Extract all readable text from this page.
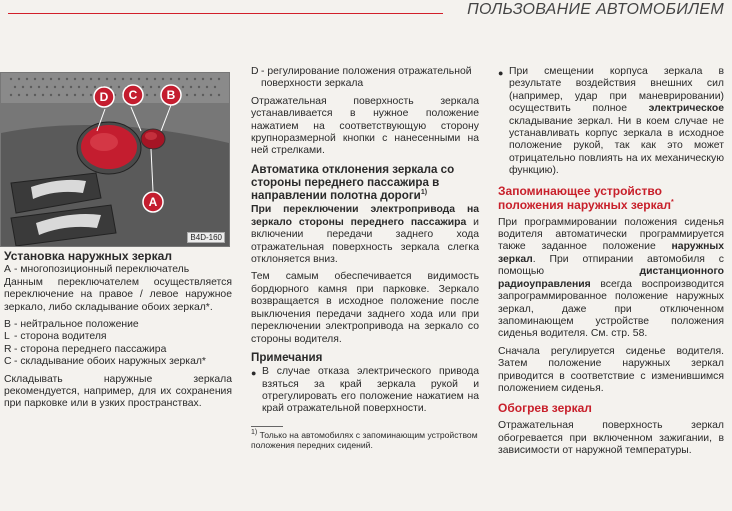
ПОЛЬЗОВАНИЕ АВТОМОБИЛЕМ
D C B
A
B4D-160
Установка наружных зеркал
A - многопозиционный переключатель

Данным переключателем осуществляется переключение на правое / левое наружное зеркало, либо складывание обоих зеркал*.

B - нейтральное положение
L - сторона водителя
R - сторона переднего пассажира
C - складывание обоих наружных зеркал*

Складывать наружные зеркала рекомендуется, например, для их сохранения при парковке или в узких пространствах.

D - регулирование положения отражательной поверхности зеркала

Отражательная поверхность зеркала устанавливается в нужное положение нажатием на соответствующую сторону крупноразмерной кнопки с нанесенными на ней стрелками.

Автоматика отклонения зеркала со стороны переднего пассажира в направлении полотна дороги$^{1)}$

При переключении электропривода на зеркало стороны переднего пассажира и включении передачи заднего хода отражательная поверхность зеркала слегка отклоняется вниз.

Тем самым обеспечивается видимость бордюрного камня при парковке. Зеркало возвращается в исходное положение после выключения передачи заднего хода или при переключении электропривода на зеркало со стороны водителя.

Примечания
● В случае отказа электрического привода взяться за край зеркала рукой и отрегулировать его положение нажатием на край отражательной поверхности.
$^{1)}$ Только на автомобилях с запоминающим устройством положения передних сидений.
● При смещении корпуса зеркала в результате воздействия внешних сил (например, удар при маневрировании) осуществить полное электрическое складывание зеркал. Ни в коем случае не устанавливать корпус зеркала в исходное положение рукой, так как это может отрицательно повлиять на их механическую функцию).
Запоминающее устройство положения наружных зеркал*

При программировании положения сиденья водителя автоматически программируется также заданное положение наружных зеркал. При отпирании автомобиля с помощью дистанционного радиоуправления всегда воспроизводится запрограммированное положение наружных зеркал, даже при отключенном запоминающем устройстве положения сиденья водителя. См. стр. 58.

Сначала регулируется сиденье водителя. Затем положение наружных зеркал приводится в соответствие с изменившимся положением сиденья.

Обогрев зеркал

Отражательная поверхность зеркал обогревается при включенном зажигании, в зависимости от наружной температуры.
